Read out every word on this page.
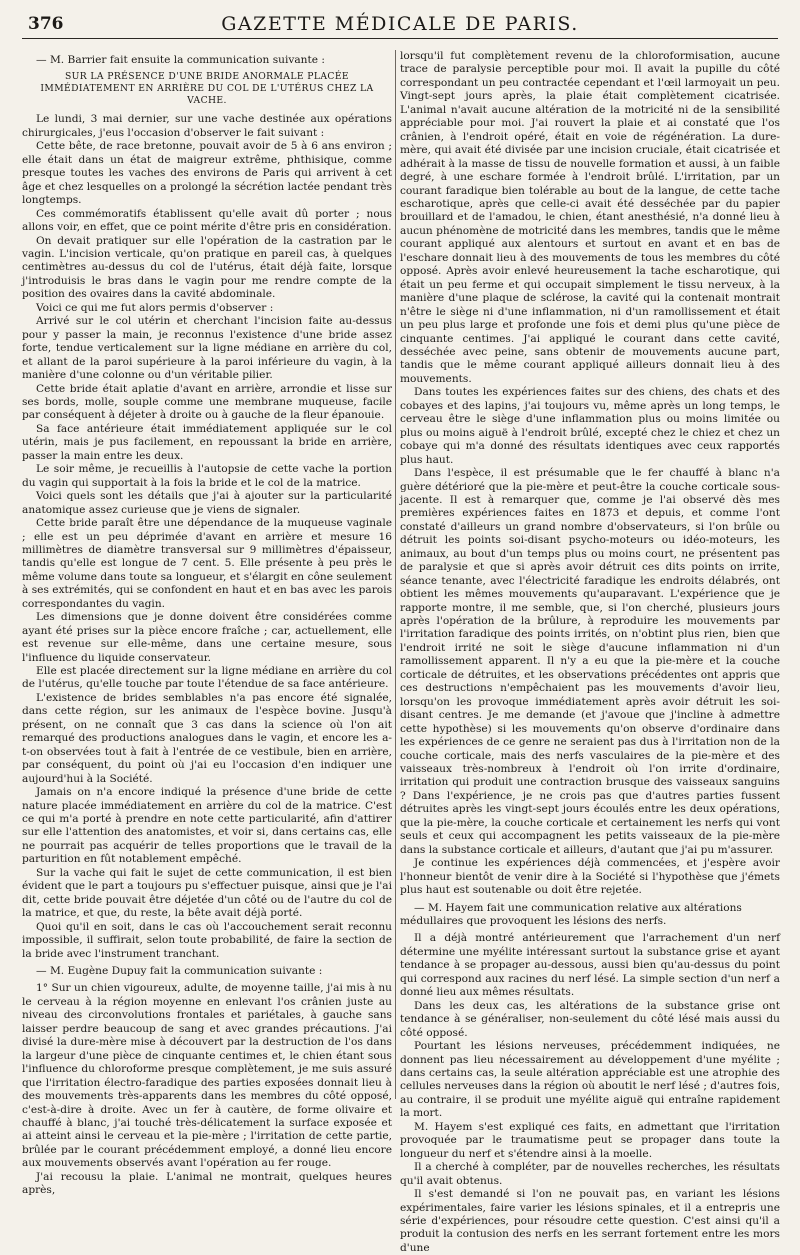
376	GAZETTE MÉDICALE DE PARIS.

— M. Barrier fait ensuite la communication suivante :

SUR LA PRÉSENCE D'UNE BRIDE ANORMALE PLACÉE IMMÉDIATEMENT EN ARRIÈRE DU COL DE L'UTÉRUS CHEZ LA VACHE.

Le lundi, 3 mai dernier, sur une vache destinée aux opérations chirurgicales, j'eus l'occasion d'observer le fait suivant :

Cette bête, de race bretonne, pouvait avoir de 5 à 6 ans environ ; elle était dans un état de maigreur extrême, phthisique, comme presque toutes les vaches des environs de Paris qui arrivent à cet âge et chez lesquelles on a prolongé la sécrétion lactée pendant très longtemps.

Ces commémoratifs établissent qu'elle avait dû porter ; nous allons voir, en effet, que ce point mérite d'être pris en considération.

On devait pratiquer sur elle l'opération de la castration par le vagin. L'incision verticale, qu'on pratique en pareil cas, à quelques centimètres au-dessus du col de l'utérus, était déjà faite, lorsque j'introduisis le bras dans le vagin pour me rendre compte de la position des ovaires dans la cavité abdominale.

Voici ce qui me fut alors permis d'observer :

Arrivé sur le col utérin et cherchant l'incision faite au-dessus pour y passer la main, je reconnus l'existence d'une bride assez forte, tendue verticalement sur la ligne médiane en arrière du col, et allant de la paroi supérieure à la paroi inférieure du vagin, à la manière d'une colonne ou d'un véritable pilier.

Cette bride était aplatie d'avant en arrière, arrondie et lisse sur ses bords, molle, souple comme une membrane muqueuse, facile par conséquent à déjeter à droite ou à gauche de la fleur épanouie.

Sa face antérieure était immédiatement appliquée sur le col utérin, mais je pus facilement, en repoussant la bride en arrière, passer la main entre les deux.

Le soir même, je recueillis à l'autopsie de cette vache la portion du vagin qui supportait à la fois la bride et le col de la matrice.

Voici quels sont les détails que j'ai à ajouter sur la particularité anatomique assez curieuse que je viens de signaler.

Cette bride paraît être une dépendance de la muqueuse vaginale ; elle est un peu déprimée d'avant en arrière et mesure 16 millimètres de diamètre transversal sur 9 millimètres d'épaisseur, tandis qu'elle est longue de 7 cent. 5. Elle présente à peu près le même volume dans toute sa longueur, et s'élargit en cône seulement à ses extrémités, qui se confondent en haut et en bas avec les parois correspondantes du vagin.

Les dimensions que je donne doivent être considérées comme ayant été prises sur la pièce encore fraîche ; car, actuellement, elle est revenue sur elle-même, dans une certaine mesure, sous l'influence du liquide conservateur.

Elle est placée directement sur la ligne médiane en arrière du col de l'utérus, qu'elle touche par toute l'étendue de sa face antérieure.

L'existence de brides semblables n'a pas encore été signalée, dans cette région, sur les animaux de l'espèce bovine. Jusqu'à présent, on ne connaît que 3 cas dans la science où l'on ait remarqué des productions analogues dans le vagin, et encore les a-t-on observées tout à fait à l'entrée de ce vestibule, bien en arrière, par conséquent, du point où j'ai eu l'occasion d'en indiquer une aujourd'hui à la Société.

Jamais on n'a encore indiqué la présence d'une bride de cette nature placée immédiatement en arrière du col de la matrice. C'est ce qui m'a porté à prendre en note cette particularité, afin d'attirer sur elle l'attention des anatomistes, et voir si, dans certains cas, elle ne pourrait pas acquérir de telles proportions que le travail de la parturition en fût notablement empêché.

Sur la vache qui fait le sujet de cette communication, il est bien évident que le part a toujours pu s'effectuer puisque, ainsi que je l'ai dit, cette bride pouvait être déjetée d'un côté ou de l'autre du col de la matrice, et que, du reste, la bête avait déjà porté.

Quoi qu'il en soit, dans le cas où l'accouchement serait reconnu impossible, il suffirait, selon toute probabilité, de faire la section de la bride avec l'instrument tranchant.

— M. Eugène Dupuy fait la communication suivante :

1° Sur un chien vigoureux, adulte, de moyenne taille, j'ai mis à nu le cerveau à la région moyenne en enlevant l'os crânien juste au niveau des circonvolutions frontales et pariétales, à gauche sans laisser perdre beaucoup de sang et avec grandes précautions. J'ai divisé la dure-mère mise à découvert par la destruction de l'os dans la largeur d'une pièce de cinquante centimes et, le chien étant sous l'influence du chloroforme presque complètement, je me suis assuré que l'irritation électro-faradique des parties exposées donnait lieu à des mouvements très-apparents dans les membres du côté opposé, c'est-à-dire à droite. Avec un fer à cautère, de forme olivaire et chauffé à blanc, j'ai touché très-délicatement la surface exposée et ai atteint ainsi le cerveau et la pie-mère ; l'irritation de cette partie, brûlée par le courant précédemment employé, a donné lieu encore aux mouvements observés avant l'opération au fer rouge.

J'ai recousu la plaie. L'animal ne montrait, quelques heures après,

lorsqu'il fut complètement revenu de la chloroformisation, aucune trace de paralysie perceptible pour moi. Il avait la pupille du côté correspondant un peu contractée cependant et l'œil larmoyait un peu. Vingt-sept jours après, la plaie était complètement cicatrisée. L'animal n'avait aucune altération de la motricité ni de la sensibilité appréciable pour moi. J'ai rouvert la plaie et ai constaté que l'os crânien, à l'endroit opéré, était en voie de régénération. La dure-mère, qui avait été divisée par une incision cruciale, était cicatrisée et adhérait à la masse de tissu de nouvelle formation et aussi, à un faible degré, à une eschare formée à l'endroit brûlé. L'irritation, par un courant faradique bien tolérable au bout de la langue, de cette tache escharotique, après que celle-ci avait été desséchée par du papier brouillard et de l'amadou, le chien, étant anesthésié, n'a donné lieu à aucun phénomène de motricité dans les membres, tandis que le même courant appliqué aux alentours et surtout en avant et en bas de l'eschare donnait lieu à des mouvements de tous les membres du côté opposé. Après avoir enlevé heureusement la tache escharotique, qui était un peu ferme et qui occupait simplement le tissu nerveux, à la manière d'une plaque de sclérose, la cavité qui la contenait montrait n'être le siège ni d'une inflammation, ni d'un ramollissement et était un peu plus large et profonde une fois et demi plus qu'une pièce de cinquante centimes. J'ai appliqué le courant dans cette cavité, desséchée avec peine, sans obtenir de mouvements aucune part, tandis que le même courant appliqué ailleurs donnait lieu à des mouvements.

Dans toutes les expériences faites sur des chiens, des chats et des cobayes et des lapins, j'ai toujours vu, même après un long temps, le cerveau être le siège d'une inflammation plus ou moins limitée ou plus ou moins aiguë à l'endroit brûlé, excepté chez le chiez et chez un cobaye qui m'a donné des résultats identiques avec ceux rapportés plus haut.

Dans l'espèce, il est présumable que le fer chauffé à blanc n'a guère détérioré que la pie-mère et peut-être la couche corticale sous-jacente. Il est à remarquer que, comme je l'ai observé dès mes premières expériences faites en 1873 et depuis, et comme l'ont constaté d'ailleurs un grand nombre d'observateurs, si l'on brûle ou détruit les points soi-disant psycho-moteurs ou idéo-moteurs, les animaux, au bout d'un temps plus ou moins court, ne présentent pas de paralysie et que si après avoir détruit ces dits points on irrite, séance tenante, avec l'électricité faradique les endroits délabrés, ont obtient les mêmes mouvements qu'auparavant. L'expérience que je rapporte montre, il me semble, que, si l'on cherché, plusieurs jours après l'opération de la brûlure, à reproduire les mouvements par l'irritation faradique des points irrités, on n'obtint plus rien, bien que l'endroit irrité ne soit le siège d'aucune inflammation ni d'un ramollissement apparent. Il n'y a eu que la pie-mère et la couche corticale de détruites, et les observations précédentes ont appris que ces destructions n'empêchaient pas les mouvements d'avoir lieu, lorsqu'on les provoque immédiatement après avoir détruit les soi-disant centres. Je me demande (et j'avoue que j'incline à admettre cette hypothèse) si les mouvements qu'on observe d'ordinaire dans les expériences de ce genre ne seraient pas dus à l'irritation non de la couche corticale, mais des nerfs vasculaires de la pie-mère et des vaisseaux très-nombreux à l'endroit où l'on irrite d'ordinaire, irritation qui produit une contraction brusque des vaisseaux sanguins ? Dans l'expérience, je ne crois pas que d'autres parties fussent détruites après les vingt-sept jours écoulés entre les deux opérations, que la pie-mère, la couche corticale et certainement les nerfs qui vont seuls et ceux qui accompagnent les petits vaisseaux de la pie-mère dans la substance corticale et ailleurs, d'autant que j'ai pu m'assurer.

Je continue les expériences déjà commencées, et j'espère avoir l'honneur bientôt de venir dire à la Société si l'hypothèse que j'émets plus haut est soutenable ou doit être rejetée.

— M. Hayem fait une communication relative aux altérations médullaires que provoquent les lésions des nerfs.

Il a déjà montré antérieurement que l'arrachement d'un nerf détermine une myélite intéressant surtout la substance grise et ayant tendance à se propager au-dessous, aussi bien qu'au-dessus du point qui correspond aux racines du nerf lésé. La simple section d'un nerf a donné lieu aux mêmes résultats.

Dans les deux cas, les altérations de la substance grise ont tendance à se généraliser, non-seulement du côté lésé mais aussi du côté opposé.

Pourtant les lésions nerveuses, précédemment indiquées, ne donnent pas lieu nécessairement au développement d'une myélite ; dans certains cas, la seule altération appréciable est une atrophie des cellules nerveuses dans la région où aboutit le nerf lésé ; d'autres fois, au contraire, il se produit une myélite aiguë qui entraîne rapidement la mort.

M. Hayem s'est expliqué ces faits, en admettant que l'irritation provoquée par le traumatisme peut se propager dans toute la longueur du nerf et s'étendre ainsi à la moelle.

Il a cherché à compléter, par de nouvelles recherches, les résultats qu'il avait obtenus.

Il s'est demandé si l'on ne pouvait pas, en variant les lésions expérimentales, faire varier les lésions spinales, et il a entrepris une série d'expériences, pour résoudre cette question. C'est ainsi qu'il a produit la contusion des nerfs en les serrant fortement entre les mors d'une
